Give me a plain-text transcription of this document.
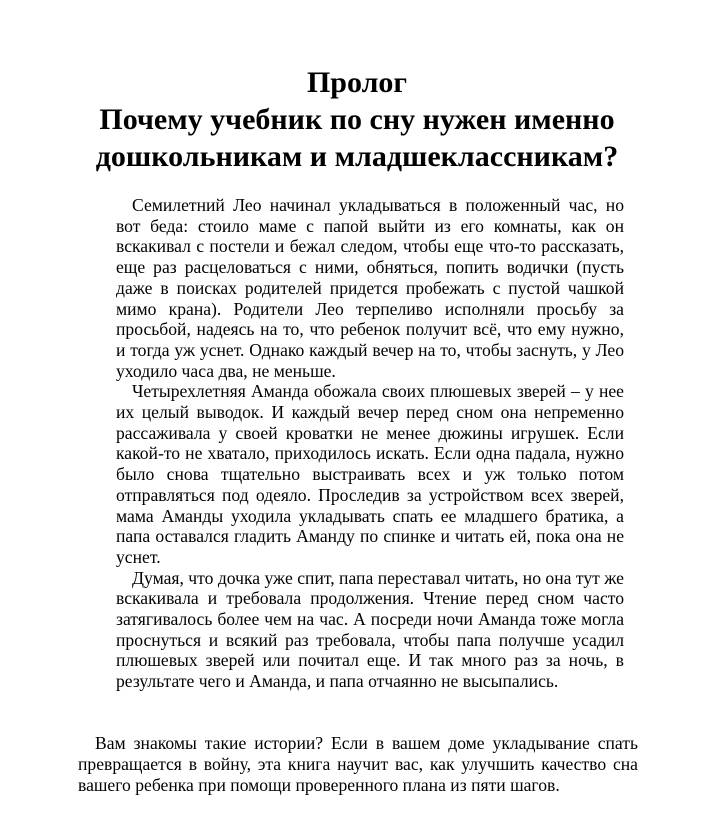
Пролог
Почему учебник по сну нужен именно
дошкольникам и младшеклассникам?

Семилетний Лео начинал укладываться в положенный час, но вот беда: стоило маме с папой выйти из его комнаты, как он вскакивал с постели и бежал следом, чтобы еще что-то рассказать, еще раз расцеловаться с ними, обняться, попить водички (пусть даже в поисках родителей придется пробежать с пустой чашкой мимо крана). Родители Лео терпеливо исполняли просьбу за просьбой, надеясь на то, что ребенок получит всё, что ему нужно, и тогда уж уснет. Однако каждый вечер на то, чтобы заснуть, у Лео уходило часа два, не меньше.

Четырехлетняя Аманда обожала своих плюшевых зверей – у нее их целый выводок. И каждый вечер перед сном она непременно рассаживала у своей кроватки не менее дюжины игрушек. Если какой-то не хватало, приходилось искать. Если одна падала, нужно было снова тщательно выстраивать всех и уж только потом отправляться под одеяло. Проследив за устройством всех зверей, мама Аманды уходила укладывать спать ее младшего братика, а папа оставался гладить Аманду по спинке и читать ей, пока она не уснет.

Думая, что дочка уже спит, папа переставал читать, но она тут же вскакивала и требовала продолжения. Чтение перед сном часто затягивалось более чем на час. А посреди ночи Аманда тоже могла проснуться и всякий раз требовала, чтобы папа получше усадил плюшевых зверей или почитал еще. И так много раз за ночь, в результате чего и Аманда, и папа отчаянно не высыпались.

Вам знакомы такие истории? Если в вашем доме укладывание спать превращается в войну, эта книга научит вас, как улучшить качество сна вашего ребенка при помощи проверенного плана из пяти шагов.
